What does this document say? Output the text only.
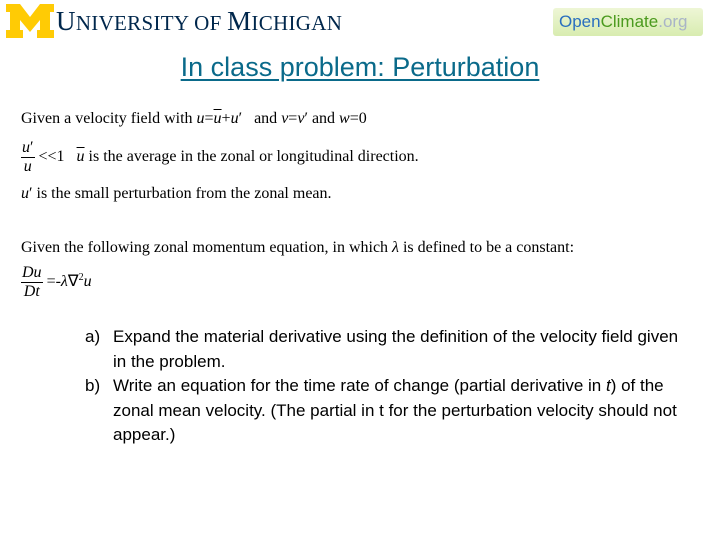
UNIVERSITY OF MICHIGAN	OpenClimate.org
In class problem: Perturbation
Given a velocity field with $u=\overline{u}+u'$ and v=v′ and w=0
$\frac{u'}{u} <<1$ $\overline{u}$ is the average in the zonal or longitudinal direction.
u′ is the small perturbation from the zonal mean.
Given the following zonal momentum equation, in which λ is defined to be a constant:
$\frac{Du}{Dt} =-\lambda\nabla^2u$
a) Expand the material derivative using the definition of the velocity field given in the problem.
b) Write an equation for the time rate of change (partial derivative in t) of the zonal mean velocity. (The partial in t for the perturbation velocity should not appear.)
